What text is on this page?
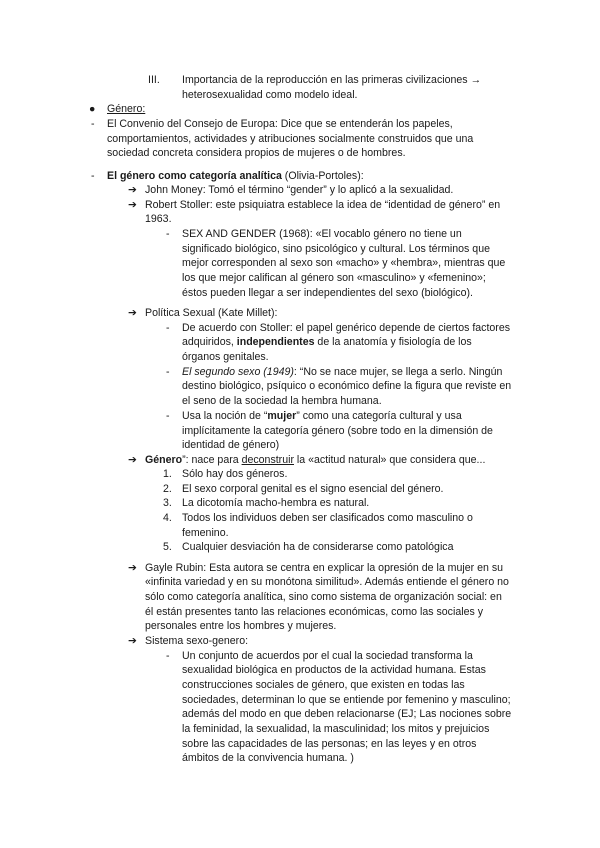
III. Importancia de la reproducción en las primeras civilizaciones →
heterosexualidad como modelo ideal.
● Género:
- El Convenio del Consejo de Europa: Dice que se entenderán los papeles,
comportamientos, actividades y atribuciones socialmente construidos que una
sociedad concreta considera propios de mujeres o de hombres.
- El género como categoría analítica (Olivia-Portoles):
➔ John Money: Tomó el término “gender” y lo aplicó a la sexualidad.
➔ Robert Stoller: este psiquiatra establece la idea de “identidad de género” en
1963.
- SEX AND GENDER (1968): «El vocablo género no tiene un
significado biológico, sino psicológico y cultural. Los términos que
mejor corresponden al sexo son «macho» y «hembra», mientras que
los que mejor califican al género son «masculino» y «femenino»;
éstos pueden llegar a ser independientes del sexo (biológico).
➔ Política Sexual (Kate Millet):
- De acuerdo con Stoller: el papel genérico depende de ciertos factores
adquiridos, independientes de la anatomía y fisiología de los
órganos genitales.
- El segundo sexo (1949): “No se nace mujer, se llega a serlo. Ningún
destino biológico, psíquico o económico define la figura que reviste en
el seno de la sociedad la hembra humana.
- Usa la noción de “mujer” como una categoría cultural y usa
implícitamente la categoría género (sobre todo en la dimensión de
identidad de género)
➔ Género”: nace para deconstruir la «actitud natural» que considera que...
1. Sólo hay dos géneros.
2. El sexo corporal genital es el signo esencial del género.
3. La dicotomía macho-hembra es natural.
4. Todos los individuos deben ser clasificados como masculino o
femenino.
5. Cualquier desviación ha de considerarse como patológica
➔ Gayle Rubin: Esta autora se centra en explicar la opresión de la mujer en su
«infinita variedad y en su monótona similitud». Además entiende el género no
sólo como categoría analítica, sino como sistema de organización social: en
él están presentes tanto las relaciones económicas, como las sociales y
personales entre los hombres y mujeres.
➔ Sistema sexo-genero:
- Un conjunto de acuerdos por el cual la sociedad transforma la
sexualidad biológica en productos de la actividad humana. Estas
construcciones sociales de género, que existen en todas las
sociedades, determinan lo que se entiende por femenino y masculino;
además del modo en que deben relacionarse (EJ; Las nociones sobre
la feminidad, la sexualidad, la masculinidad; los mitos y prejuicios
sobre las capacidades de las personas; en las leyes y en otros
ámbitos de la convivencia humana. )
